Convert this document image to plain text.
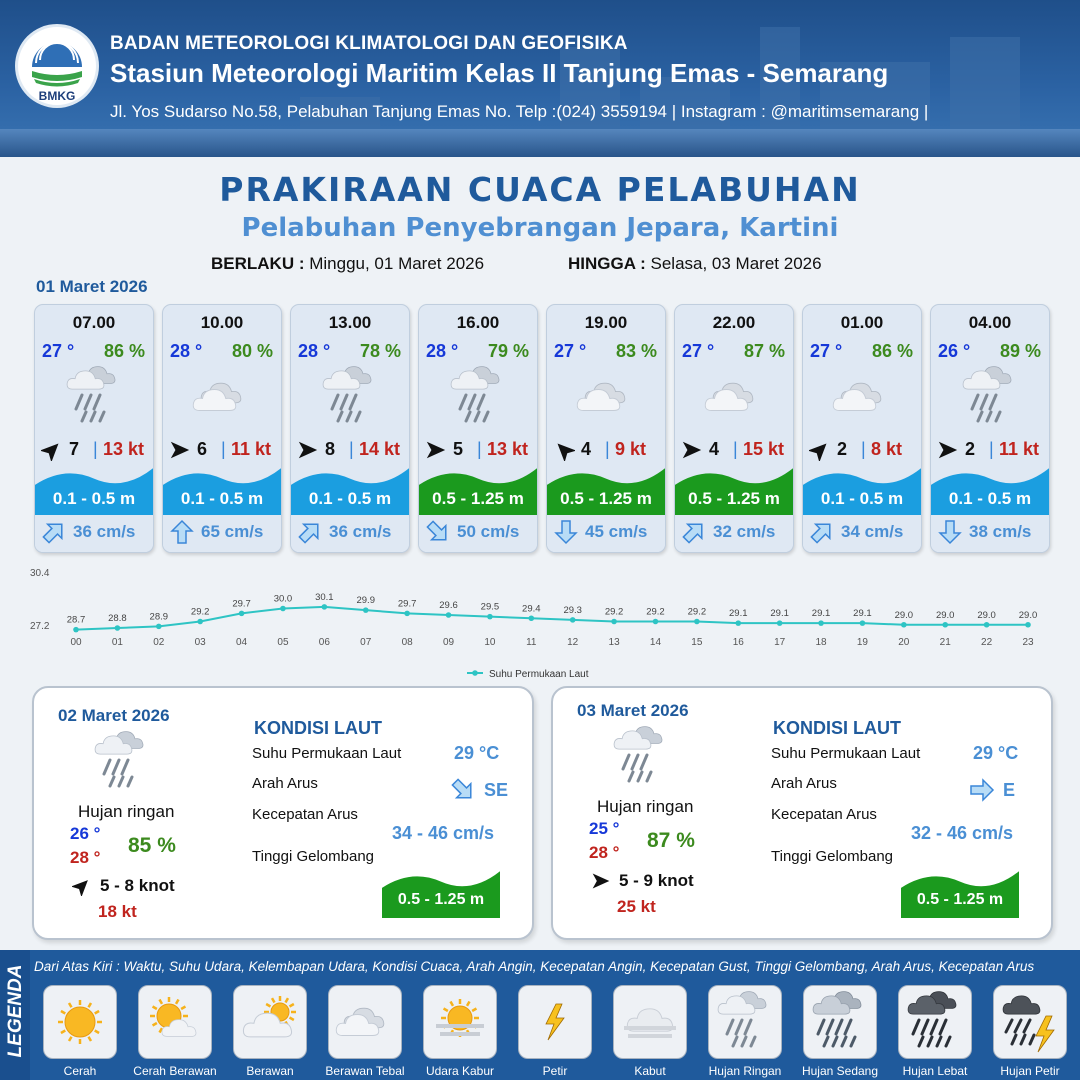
BMKG
BADAN METEOROLOGI KLIMATOLOGI DAN GEOFISIKA
Stasiun Meteorologi Maritim Kelas II Tanjung Emas - Semarang
Jl. Yos Sudarso No.58, Pelabuhan Tanjung Emas No. Telp :(024) 3559194 | Instagram : @maritimsemarang |
PRAKIRAAN CUACA PELABUHAN
Pelabuhan Penyebrangan Jepara, Kartini
BERLAKU : Minggu, 01 Maret 2026	HINGGA : Selasa, 03 Maret 2026
01 Maret 2026
07.00
27 ° 86 %
7 | 13 kt
0.1 - 0.5 m
36 cm/s
10.00
28 ° 80 %
6 | 11 kt
0.1 - 0.5 m
65 cm/s
13.00
28 ° 78 %
8 | 14 kt
0.1 - 0.5 m
36 cm/s
16.00
28 ° 79 %
5 | 13 kt
0.5 - 1.25 m
50 cm/s
19.00
27 ° 83 %
4 | 9 kt
0.5 - 1.25 m
45 cm/s
22.00
27 ° 87 %
4 | 15 kt
0.5 - 1.25 m
32 cm/s
01.00
27 ° 86 %
2 | 8 kt
0.1 - 0.5 m
34 cm/s
04.00
26 ° 89 %
2 | 11 kt
0.1 - 0.5 m
38 cm/s
30.4
27.2
28.7
00
28.8
01
28.9
02
29.2
03
29.7
04
30.0
05
30.1
06
29.9
07
29.7
08
29.6
09
29.5
10
29.4
11
29.3
12
29.2
13
29.2
14
29.2
15
29.1
16
29.1
17
29.1
18
29.1
19
29.0
20
29.0
21
29.0
22
29.0
23
Suhu Permukaan Laut
02 Maret 2026
Hujan ringan
26 °
28 °
85 %
5 - 8 knot
18 kt
KONDISI LAUT
Suhu Permukaan Laut	29 °C
Arah Arus	SE
Kecepatan Arus
34 - 46 cm/s
Tinggi Gelombang
0.5 - 1.25 m
03 Maret 2026
Hujan ringan
25 °
28 °
87 %
5 - 9 knot
25 kt
KONDISI LAUT
Suhu Permukaan Laut	29 °C
Arah Arus	E
Kecepatan Arus
32 - 46 cm/s
Tinggi Gelombang
0.5 - 1.25 m
LEGENDA Dari Atas Kiri : Waktu, Suhu Udara, Kelembapan Udara, Kondisi Cuaca, Arah Angin, Kecepatan Angin, Kecepatan Gust, Tinggi Gelombang, Arah Arus, Kecepatan Arus
Cerah	Cerah Berawan	Berawan	Berawan Tebal	Udara Kabur	Petir	Kabut	Hujan Ringan	Hujan Sedang	Hujan Lebat	Hujan Petir
